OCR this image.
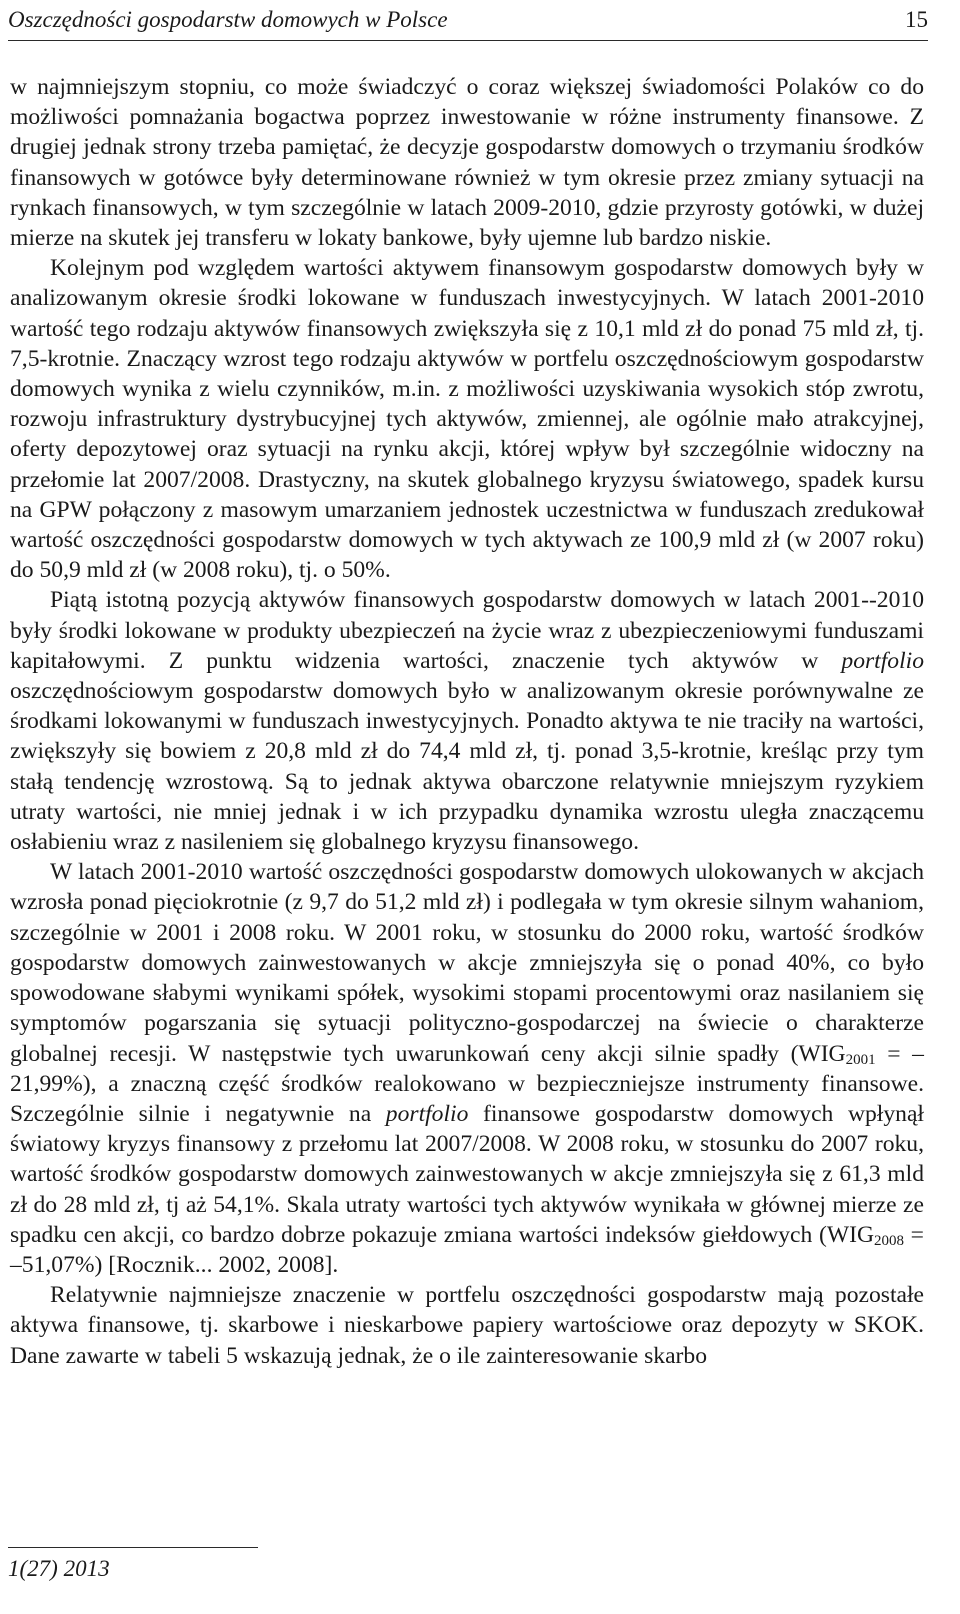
Oszczędności gospodarstw domowych w Polsce	15

w najmniejszym stopniu, co może świadczyć o coraz większej świadomości Polaków co do możliwości pomnażania bogactwa poprzez inwestowanie w różne instrumenty finansowe. Z drugiej jednak strony trzeba pamiętać, że decyzje gospodarstw domowych o trzymaniu środków finansowych w gotówce były determinowane również w tym okresie przez zmiany sytuacji na rynkach finansowych, w tym szczególnie w latach 2009-2010, gdzie przyrosty gotówki, w dużej mierze na skutek jej transferu w lokaty bankowe, były ujemne lub bardzo niskie.

Kolejnym pod względem wartości aktywem finansowym gospodarstw domowych były w analizowanym okresie środki lokowane w funduszach inwestycyjnych. W latach 2001-2010 wartość tego rodzaju aktywów finansowych zwiększyła się z 10,1 mld zł do ponad 75 mld zł, tj. 7,5-krotnie. Znaczący wzrost tego rodzaju aktywów w portfelu oszczędnościowym gospodarstw domowych wynika z wielu czynników, m.in. z możliwości uzyskiwania wysokich stóp zwrotu, rozwoju infrastruktury dystrybucyjnej tych aktywów, zmiennej, ale ogólnie mało atrakcyjnej, oferty depozytowej oraz sytuacji na rynku akcji, której wpływ był szczególnie widoczny na przełomie lat 2007/2008. Drastyczny, na skutek globalnego kryzysu światowego, spadek kursu na GPW połączony z masowym umarzaniem jednostek uczestnictwa w funduszach zredukował wartość oszczędności gospodarstw domowych w tych aktywach ze 100,9 mld zł (w 2007 roku) do 50,9 mld zł (w 2008 roku), tj. o 50%.

Piątą istotną pozycją aktywów finansowych gospodarstw domowych w latach 2001--2010 były środki lokowane w produkty ubezpieczeń na życie wraz z ubezpieczeniowymi funduszami kapitałowymi. Z punktu widzenia wartości, znaczenie tych aktywów w portfolio oszczędnościowym gospodarstw domowych było w analizowanym okresie porównywalne ze środkami lokowanymi w funduszach inwestycyjnych. Ponadto aktywa te nie traciły na wartości, zwiększyły się bowiem z 20,8 mld zł do 74,4 mld zł, tj. ponad 3,5-krotnie, kreśląc przy tym stałą tendencję wzrostową. Są to jednak aktywa obarczone relatywnie mniejszym ryzykiem utraty wartości, nie mniej jednak i w ich przypadku dynamika wzrostu uległa znaczącemu osłabieniu wraz z nasileniem się globalnego kryzysu finansowego.

W latach 2001-2010 wartość oszczędności gospodarstw domowych ulokowanych w akcjach wzrosła ponad pięciokrotnie (z 9,7 do 51,2 mld zł) i podlegała w tym okresie silnym wahaniom, szczególnie w 2001 i 2008 roku. W 2001 roku, w stosunku do 2000 roku, wartość środków gospodarstw domowych zainwestowanych w akcje zmniejszyła się o ponad 40%, co było spowodowane słabymi wynikami spółek, wysokimi stopami procentowymi oraz nasilaniem się symptomów pogarszania się sytuacji polityczno-gospodarczej na świecie o charakterze globalnej recesji. W następstwie tych uwarunkowań ceny akcji silnie spadły $(WIG_{2001} = -21,99\%)$, a znaczną część środków realokowano w bezpieczniejsze instrumenty finansowe. Szczególnie silnie i negatywnie na portfolio finansowe gospodarstw domowych wpłynął światowy kryzys finansowy z przełomu lat 2007/2008. W 2008 roku, w stosunku do 2007 roku, wartość środków gospodarstw domowych zainwestowanych w akcje zmniejszyła się z 61,3 mld zł do 28 mld zł, tj aż 54,1%. Skala utraty wartości tych aktywów wynikała w głównej mierze ze spadku cen akcji, co bardzo dobrze pokazuje zmiana wartości indeksów giełdowych $(WIG_{2008} = -51,07\%)$ [Rocznik... 2002, 2008].

Relatywnie najmniejsze znaczenie w portfelu oszczędności gospodarstw mają pozostałe aktywa finansowe, tj. skarbowe i nieskarbowe papiery wartościowe oraz depozyty w SKOK. Dane zawarte w tabeli 5 wskazują jednak, że o ile zainteresowanie skarbo

1(27) 2013
